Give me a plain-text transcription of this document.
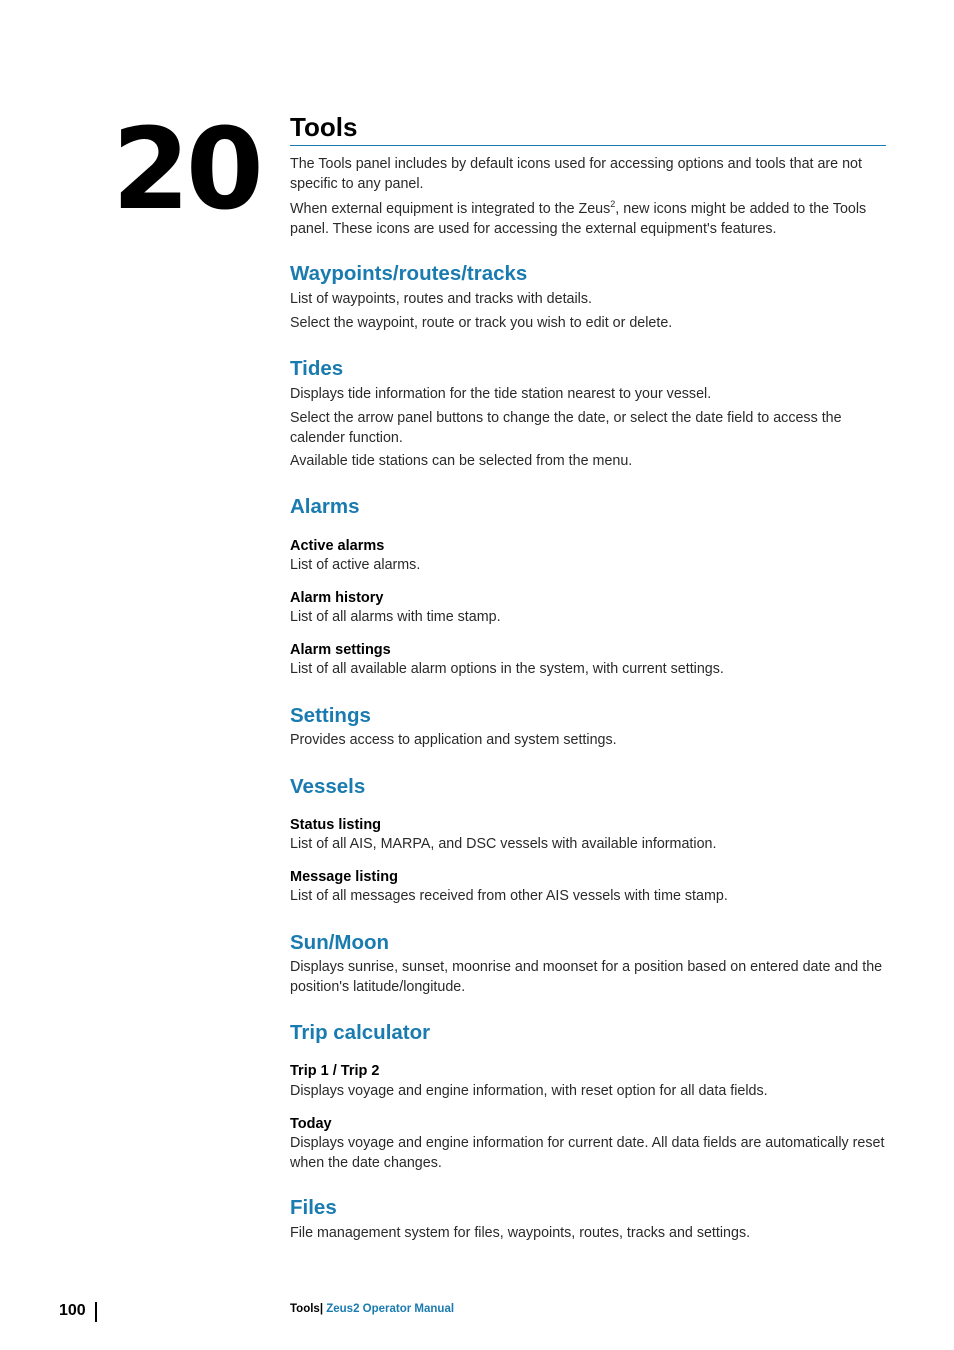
20 Tools

The Tools panel includes by default icons used for accessing options and tools that are not specific to any panel.

When external equipment is integrated to the Zeus$^2$, new icons might be added to the Tools panel. These icons are used for accessing the external equipment's features.

Waypoints/routes/tracks

List of waypoints, routes and tracks with details.

Select the waypoint, route or track you wish to edit or delete.

Tides

Displays tide information for the tide station nearest to your vessel.

Select the arrow panel buttons to change the date, or select the date field to access the calender function.

Available tide stations can be selected from the menu.

Alarms
Active alarms

List of active alarms.

Alarm history

List of all alarms with time stamp.

Alarm settings

List of all available alarm options in the system, with current settings.

Settings

Provides access to application and system settings.

Vessels
Status listing

List of all AIS, MARPA, and DSC vessels with available information.

Message listing

List of all messages received from other AIS vessels with time stamp.

Sun/Moon

Displays sunrise, sunset, moonrise and moonset for a position based on entered date and the position's latitude/longitude.

Trip calculator
Trip 1 / Trip 2

Displays voyage and engine information, with reset option for all data fields.

Today

Displays voyage and engine information for current date. All data fields are automatically reset when the date changes.

Files

File management system for files, waypoints, routes, tracks and settings.

100	Tools| Zeus2 Operator Manual
